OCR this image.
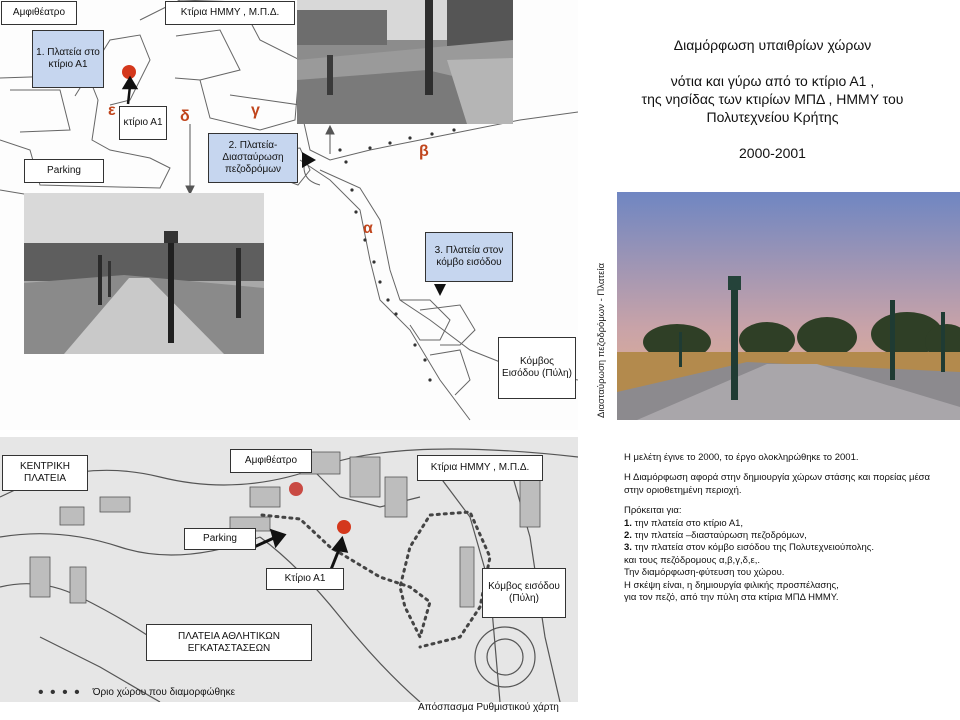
Αμφιθέατρο	Κτίρια ΗΜΜΥ , Μ.Π.Δ.
1. Πλατεία στο κτίριο Α1
κτίριο Α1
Parking
2. Πλατεία-Διασταύρωση πεζοδρόμων
3. Πλατεία στον κόμβο εισόδου
Κόμβος Εισόδου (Πύλη)
ε	δ	γ
β
α
Διαμόρφωση υπαιθρίων χώρων
νότια και γύρω από το κτίριο Α1 ,
της νησίδας των κτιρίων ΜΠΔ , ΗΜΜΥ του
Πολυτεχνείου Κρήτης
2000-2001
Διασταύρωση πεζοδρόμων - Πλατεία

Η μελέτη έγινε το 2000, το έργο ολοκληρώθηκε το 2001.

Η Διαμόρφωση αφορά στην δημιουργία χώρων στάσης και πορείας μέσα στην οριοθετημένη περιοχή.

Πρόκειται για:

1. την πλατεία στο κτίριο Α1,

2. την πλατεία –διασταύρωση πεζοδρόμων,

3. την πλατεία στον κόμβο εισόδου της Πολυτεχνειούπολης.

και τους πεζόδρομους α,β,γ,δ,ε,.

Την διαμόρφωση-φύτευση του χώρου.

Η σκέψη είναι, η δημιουργία φιλικής προσπέλασης,

για τον πεζό, από την πύλη στα κτίρια ΜΠΔ ΗΜΜΥ.

ΚΕΝΤΡΙΚΗ ΠΛΑΤΕΙΑ
Αμφιθέατρο
Κτίρια ΗΜΜΥ , Μ.Π.Δ.
Parking
Κτίριο Α1
Κόμβος εισόδου (Πύλη)
ΠΛΑΤΕΙΑ ΑΘΛΗΤΙΚΩΝ ΕΓΚΑΤΑΣΤΑΣΕΩΝ
• • • • Όριο χώρου που διαμορφώθηκε
Απόσπασμα Ρυθμιστικού χάρτη
